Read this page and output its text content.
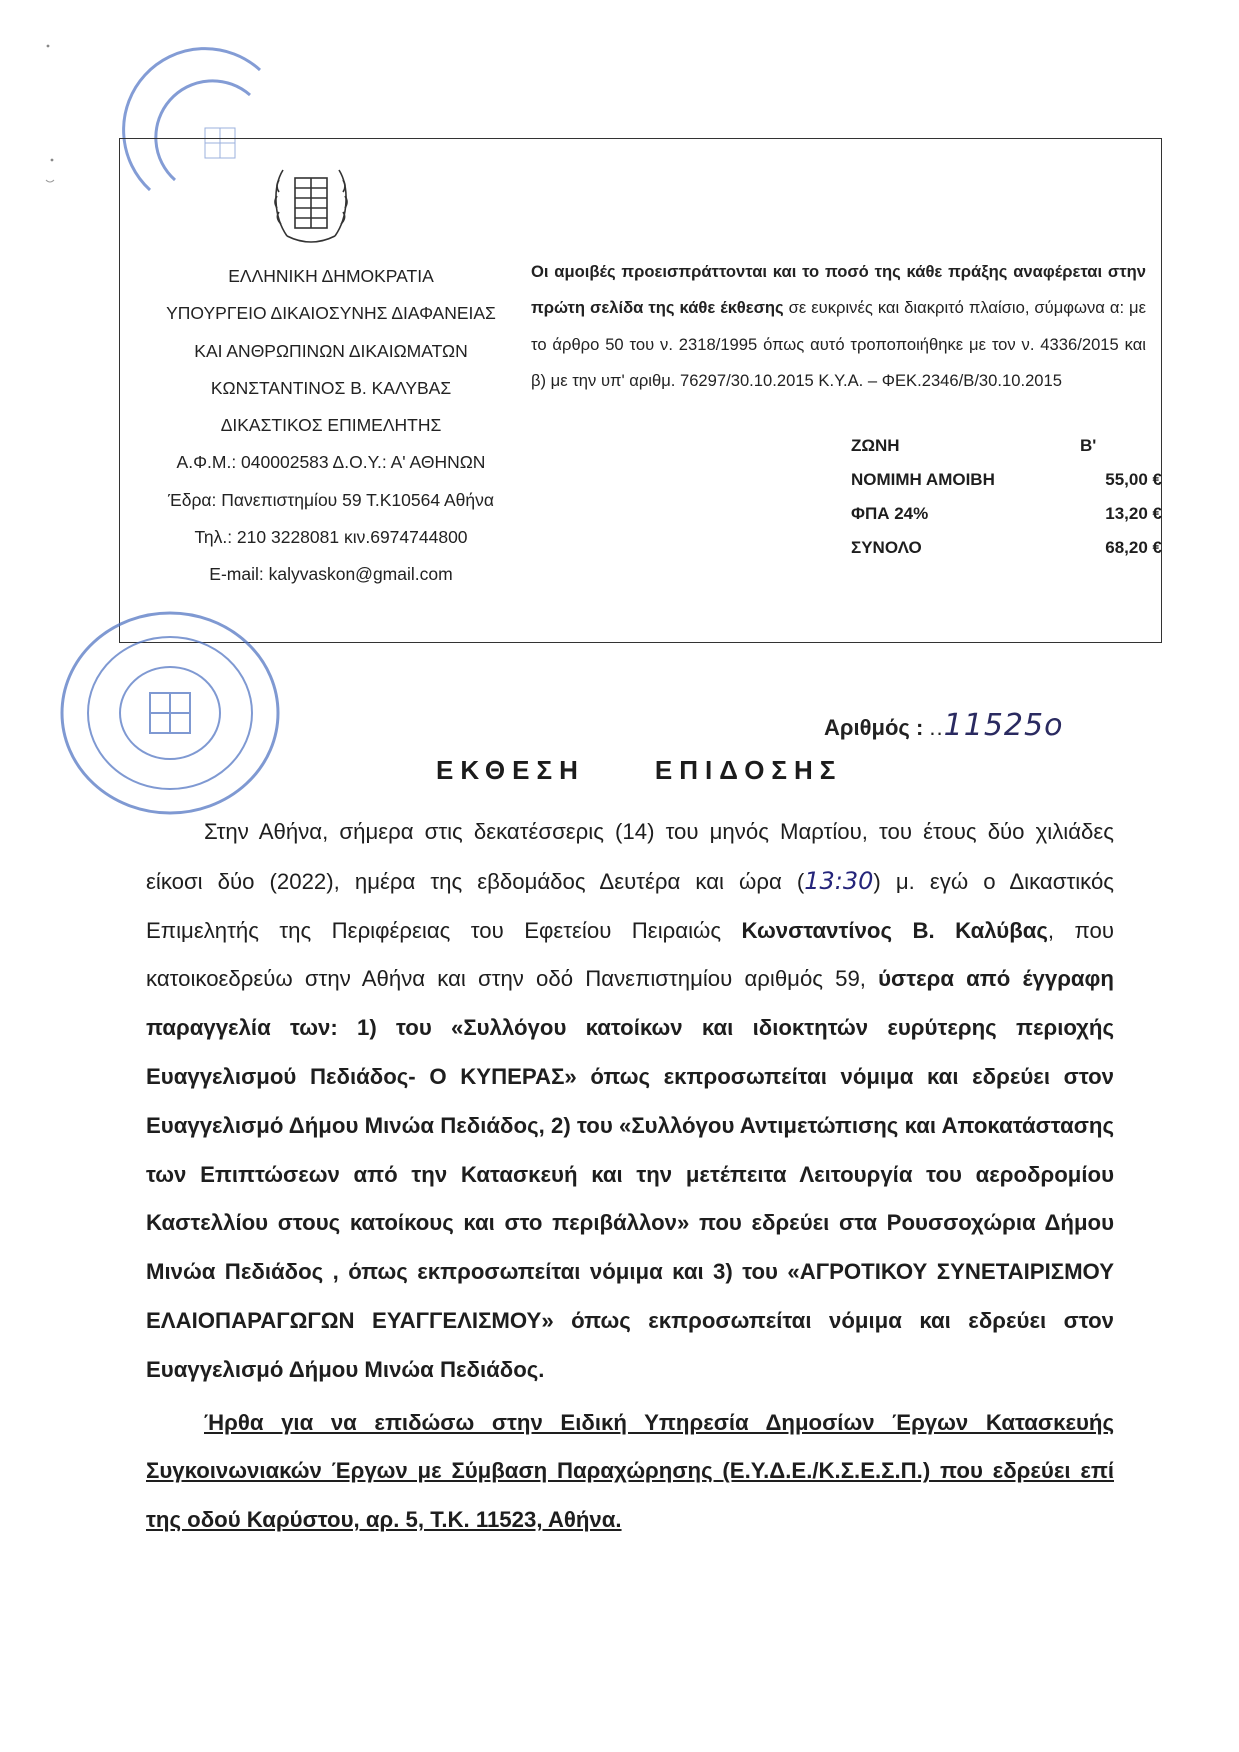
ΕΛΛΗΝΙΚΗ ΔΗΜΟΚΡΑΤΙΑ
ΥΠΟΥΡΓΕΙΟ ΔΙΚΑΙΟΣΥΝΗΣ ΔΙΑΦΑΝΕΙΑΣ
ΚΑΙ ΑΝΘΡΩΠΙΝΩΝ ΔΙΚΑΙΩΜΑΤΩΝ
ΚΩΝΣΤΑΝΤΙΝΟΣ Β. ΚΑΛΥΒΑΣ
ΔΙΚΑΣΤΙΚΟΣ ΕΠΙΜΕΛΗΤΗΣ
Α.Φ.Μ.: 040002583 Δ.Ο.Υ.: Α' ΑΘΗΝΩΝ
Έδρα: Πανεπιστημίου 59 Τ.Κ10564 Αθήνα
Τηλ.: 210 3228081 κιν.6974744800
E-mail: kalyvaskon@gmail.com
Οι αμοιβές προεισπράττονται και το ποσό της κάθε πράξης αναφέρεται στην πρώτη σελίδα της κάθε έκθεσης σε ευκρινές και διακριτό πλαίσιο, σύμφωνα α: με το άρθρο 50 του ν. 2318/1995 όπως αυτό τροποποιήθηκε με τον ν. 4336/2015 και β) με την υπ' αριθμ. 76297/30.10.2015 Κ.Υ.Α. – ΦΕΚ.2346/Β/30.10.2015
ΖΩΝΗ	Β'
ΝΟΜΙΜΗ ΑΜΟΙΒΗ	55,00 €
ΦΠΑ 24%	13,20 €
ΣΥΝΟΛΟ	68,20 €
Αριθμός : ..11525ο
ΕΚΘΕΣΗ	ΕΠΙΔΟΣΗΣ

Στην Αθήνα, σήμερα στις δεκατέσσερις (14) του μηνός Μαρτίου, του έτους δύο χιλιάδες είκοσι δύο (2022), ημέρα της εβδομάδος Δευτέρα και ώρα (13:30) μ. εγώ ο Δικαστικός Επιμελητής της Περιφέρειας του Εφετείου Πειραιώς Κωνσταντίνος Β. Καλύβας, που κατοικοεδρεύω στην Αθήνα και στην οδό Πανεπιστημίου αριθμός 59, ύστερα από έγγραφη παραγγελία των: 1) του «Συλλόγου κατοίκων και ιδιοκτητών ευρύτερης περιοχής Ευαγγελισμού Πεδιάδος- Ο ΚΥΠΕΡΑΣ» όπως εκπροσωπείται νόμιμα και εδρεύει στον Ευαγγελισμό Δήμου Μινώα Πεδιάδος, 2) του «Συλλόγου Αντιμετώπισης και Αποκατάστασης των Επιπτώσεων από την Κατασκευή και την μετέπειτα Λειτουργία του αεροδρομίου Καστελλίου στους κατοίκους και στο περιβάλλον» που εδρεύει στα Ρουσσοχώρια Δήμου Μινώα Πεδιάδος , όπως εκπροσωπείται νόμιμα και 3) του «ΑΓΡΟΤΙΚΟΥ ΣΥΝΕΤΑΙΡΙΣΜΟΥ ΕΛΑΙΟΠΑΡΑΓΩΓΩΝ ΕΥΑΓΓΕΛΙΣΜΟΥ» όπως εκπροσωπείται νόμιμα και εδρεύει στον Ευαγγελισμό Δήμου Μινώα Πεδιάδος.

Ήρθα για να επιδώσω στην Ειδική Υπηρεσία Δημοσίων Έργων Κατασκευής Συγκοινωνιακών Έργων με Σύμβαση Παραχώρησης (Ε.Υ.Δ.Ε./Κ.Σ.Ε.Σ.Π.) που εδρεύει επί της οδού Καρύστου, αρ. 5, Τ.Κ. 11523, Αθήνα.
